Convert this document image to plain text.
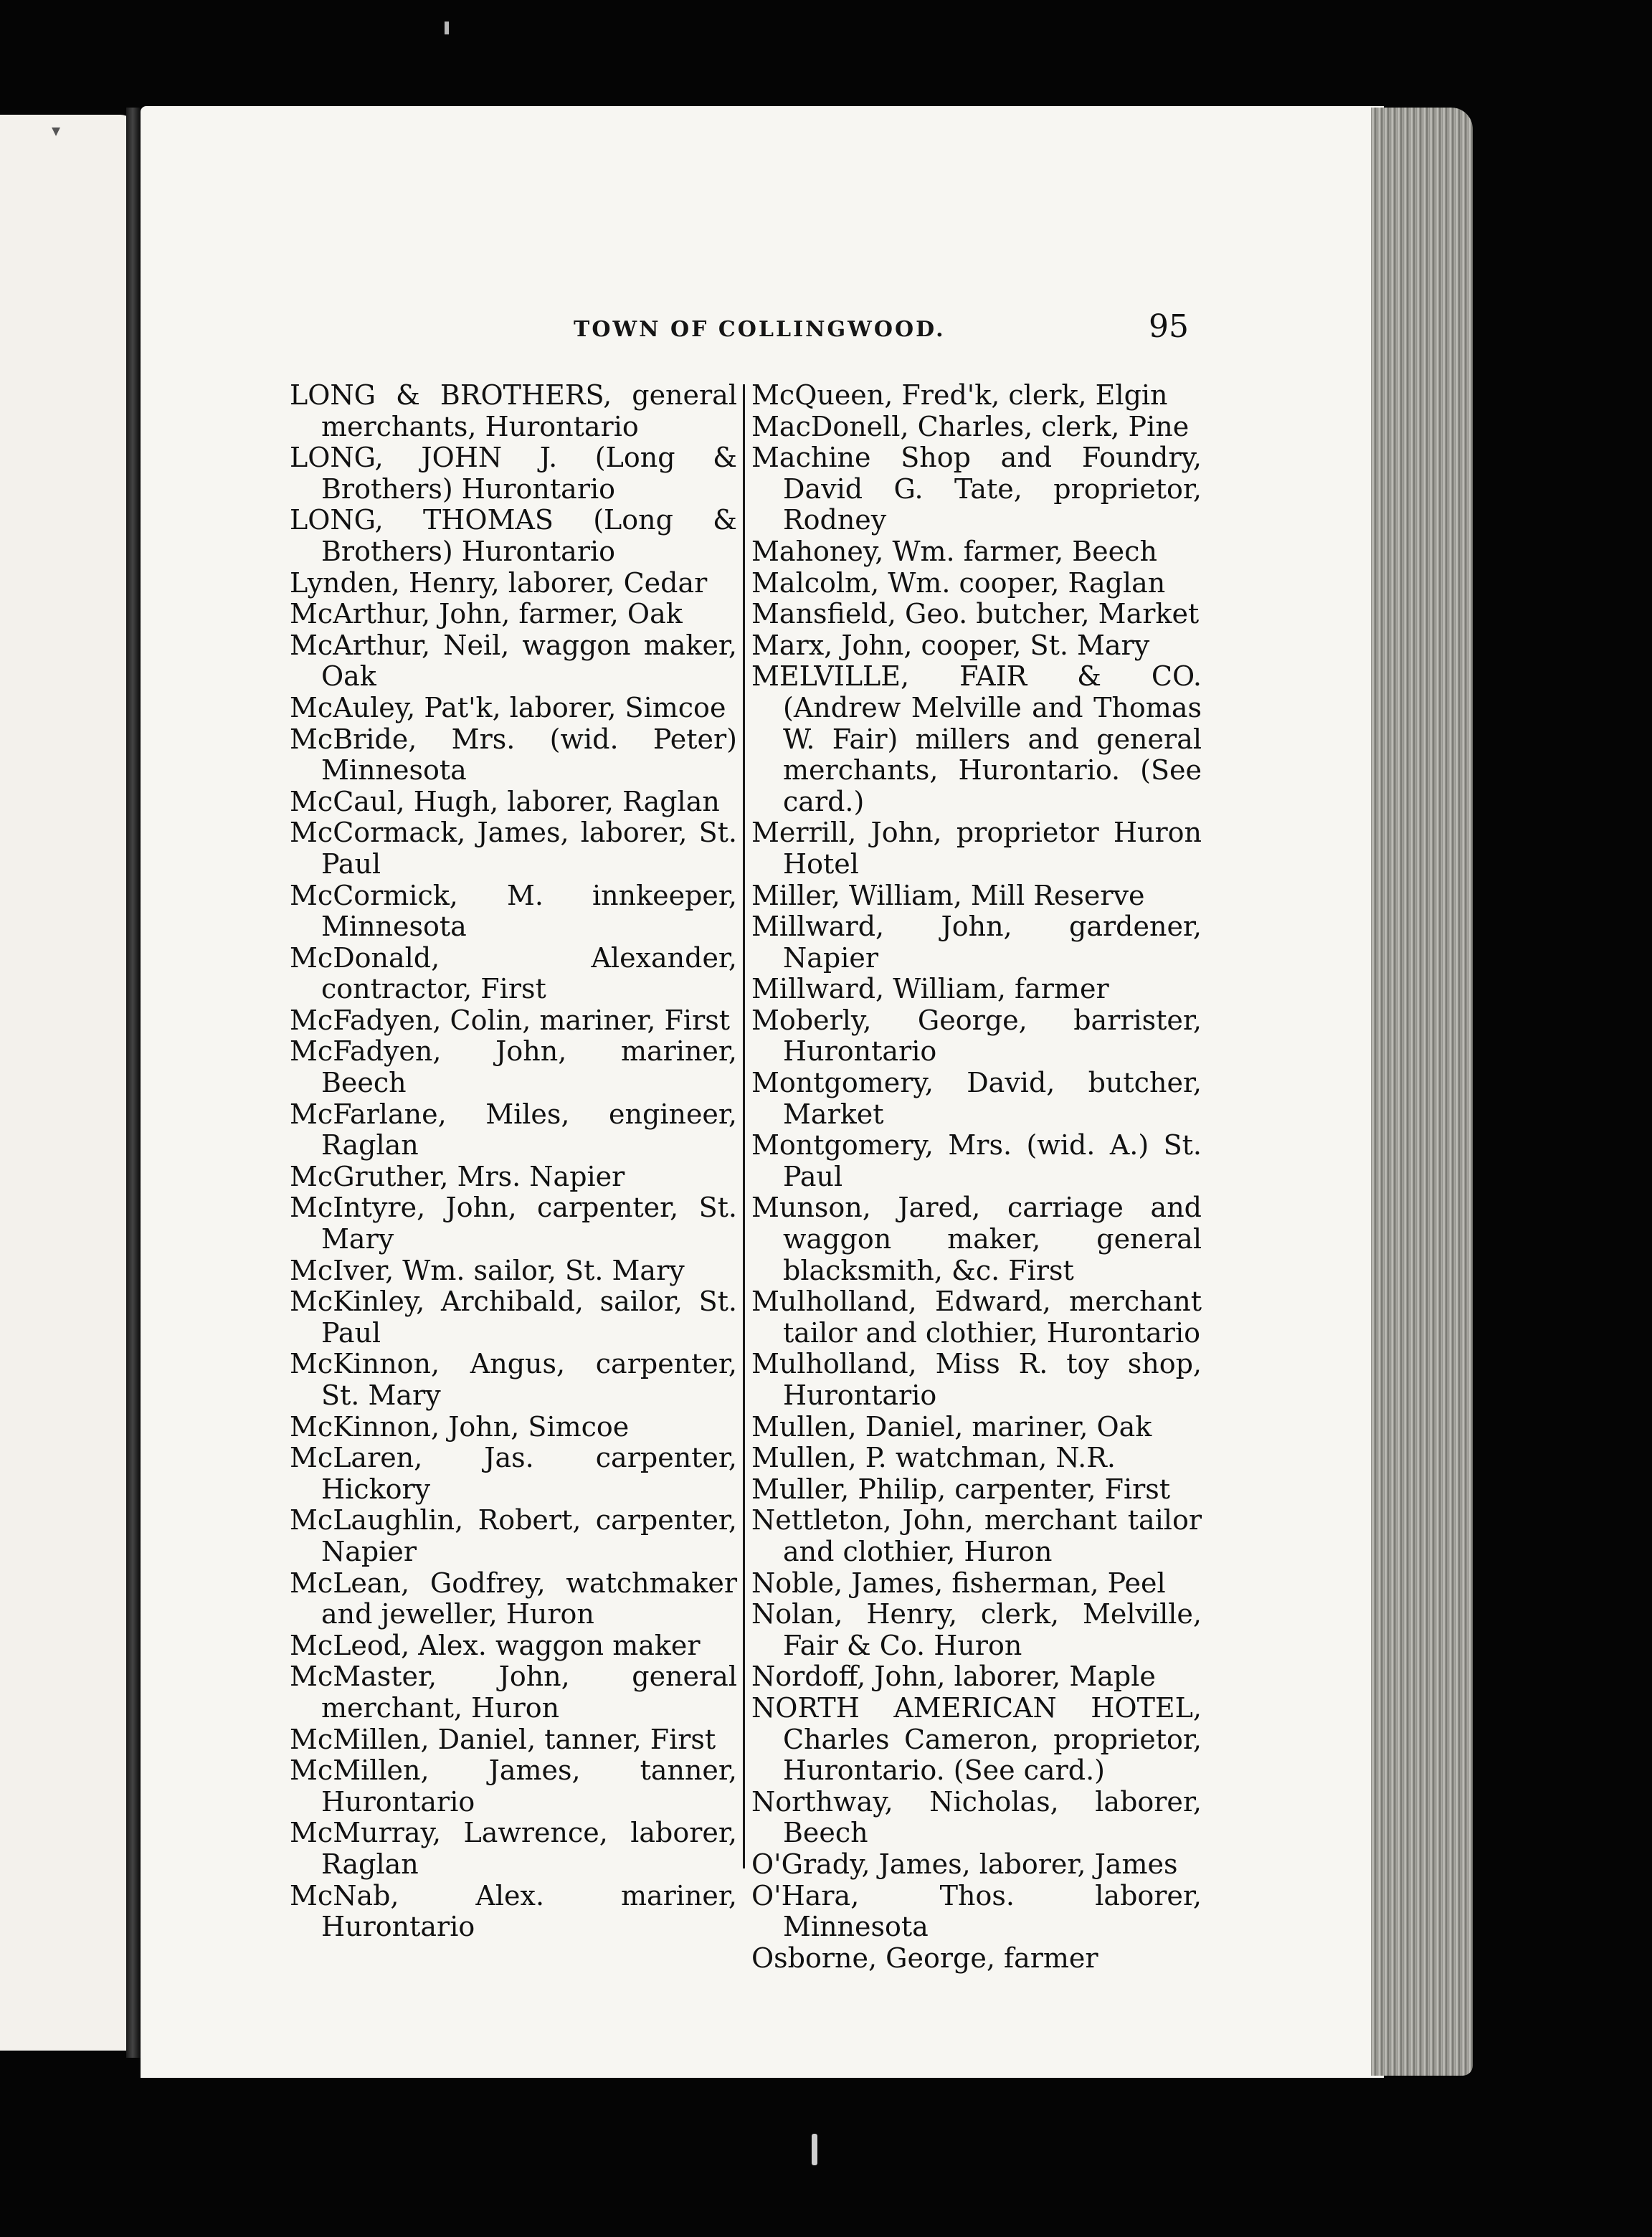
▾
TOWN OF COLLINGWOOD.	95
LONG & BROTHERS, general merchants, Hurontario
LONG, JOHN J. (Long & Brothers) Hurontario
LONG, THOMAS (Long & Brothers) Hurontario
Lynden, Henry, laborer, Cedar
McArthur, John, farmer, Oak
McArthur, Neil, waggon maker, Oak
McAuley, Pat'k, laborer, Simcoe
McBride, Mrs. (wid. Peter) Minnesota
McCaul, Hugh, laborer, Raglan
McCormack, James, laborer, St. Paul
McCormick, M. innkeeper, Minnesota
McDonald, Alexander, contractor, First
McFadyen, Colin, mariner, First
McFadyen, John, mariner, Beech
McFarlane, Miles, engineer, Raglan
McGruther, Mrs. Napier
McIntyre, John, carpenter, St. Mary
McIver, Wm. sailor, St. Mary
McKinley, Archibald, sailor, St. Paul
McKinnon, Angus, carpenter, St. Mary
McKinnon, John, Simcoe
McLaren, Jas. carpenter, Hickory
McLaughlin, Robert, carpenter, Napier
McLean, Godfrey, watchmaker and jeweller, Huron
McLeod, Alex. waggon maker
McMaster, John, general merchant, Huron
McMillen, Daniel, tanner, First
McMillen, James, tanner, Hurontario
McMurray, Lawrence, laborer, Raglan
McNab, Alex. mariner, Hurontario
McQueen, Fred'k, clerk, Elgin
MacDonell, Charles, clerk, Pine
Machine Shop and Foundry, David G. Tate, proprietor, Rodney
Mahoney, Wm. farmer, Beech
Malcolm, Wm. cooper, Raglan
Mansfield, Geo. butcher, Market
Marx, John, cooper, St. Mary
MELVILLE, FAIR & CO. (Andrew Melville and Thomas W. Fair) millers and general merchants, Hurontario. (See card.)
Merrill, John, proprietor Huron Hotel
Miller, William, Mill Reserve
Millward, John, gardener, Napier
Millward, William, farmer
Moberly, George, barrister, Hurontario
Montgomery, David, butcher, Market
Montgomery, Mrs. (wid. A.) St. Paul
Munson, Jared, carriage and waggon maker, general blacksmith, &c. First
Mulholland, Edward, merchant tailor and clothier, Hurontario
Mulholland, Miss R. toy shop, Hurontario
Mullen, Daniel, mariner, Oak
Mullen, P. watchman, N.R.
Muller, Philip, carpenter, First
Nettleton, John, merchant tailor and clothier, Huron
Noble, James, fisherman, Peel
Nolan, Henry, clerk, Melville, Fair & Co. Huron
Nordoff, John, laborer, Maple
NORTH AMERICAN HOTEL, Charles Cameron, proprietor, Hurontario. (See card.)
Northway, Nicholas, laborer, Beech
O'Grady, James, laborer, James
O'Hara, Thos. laborer, Minnesota
Osborne, George, farmer
